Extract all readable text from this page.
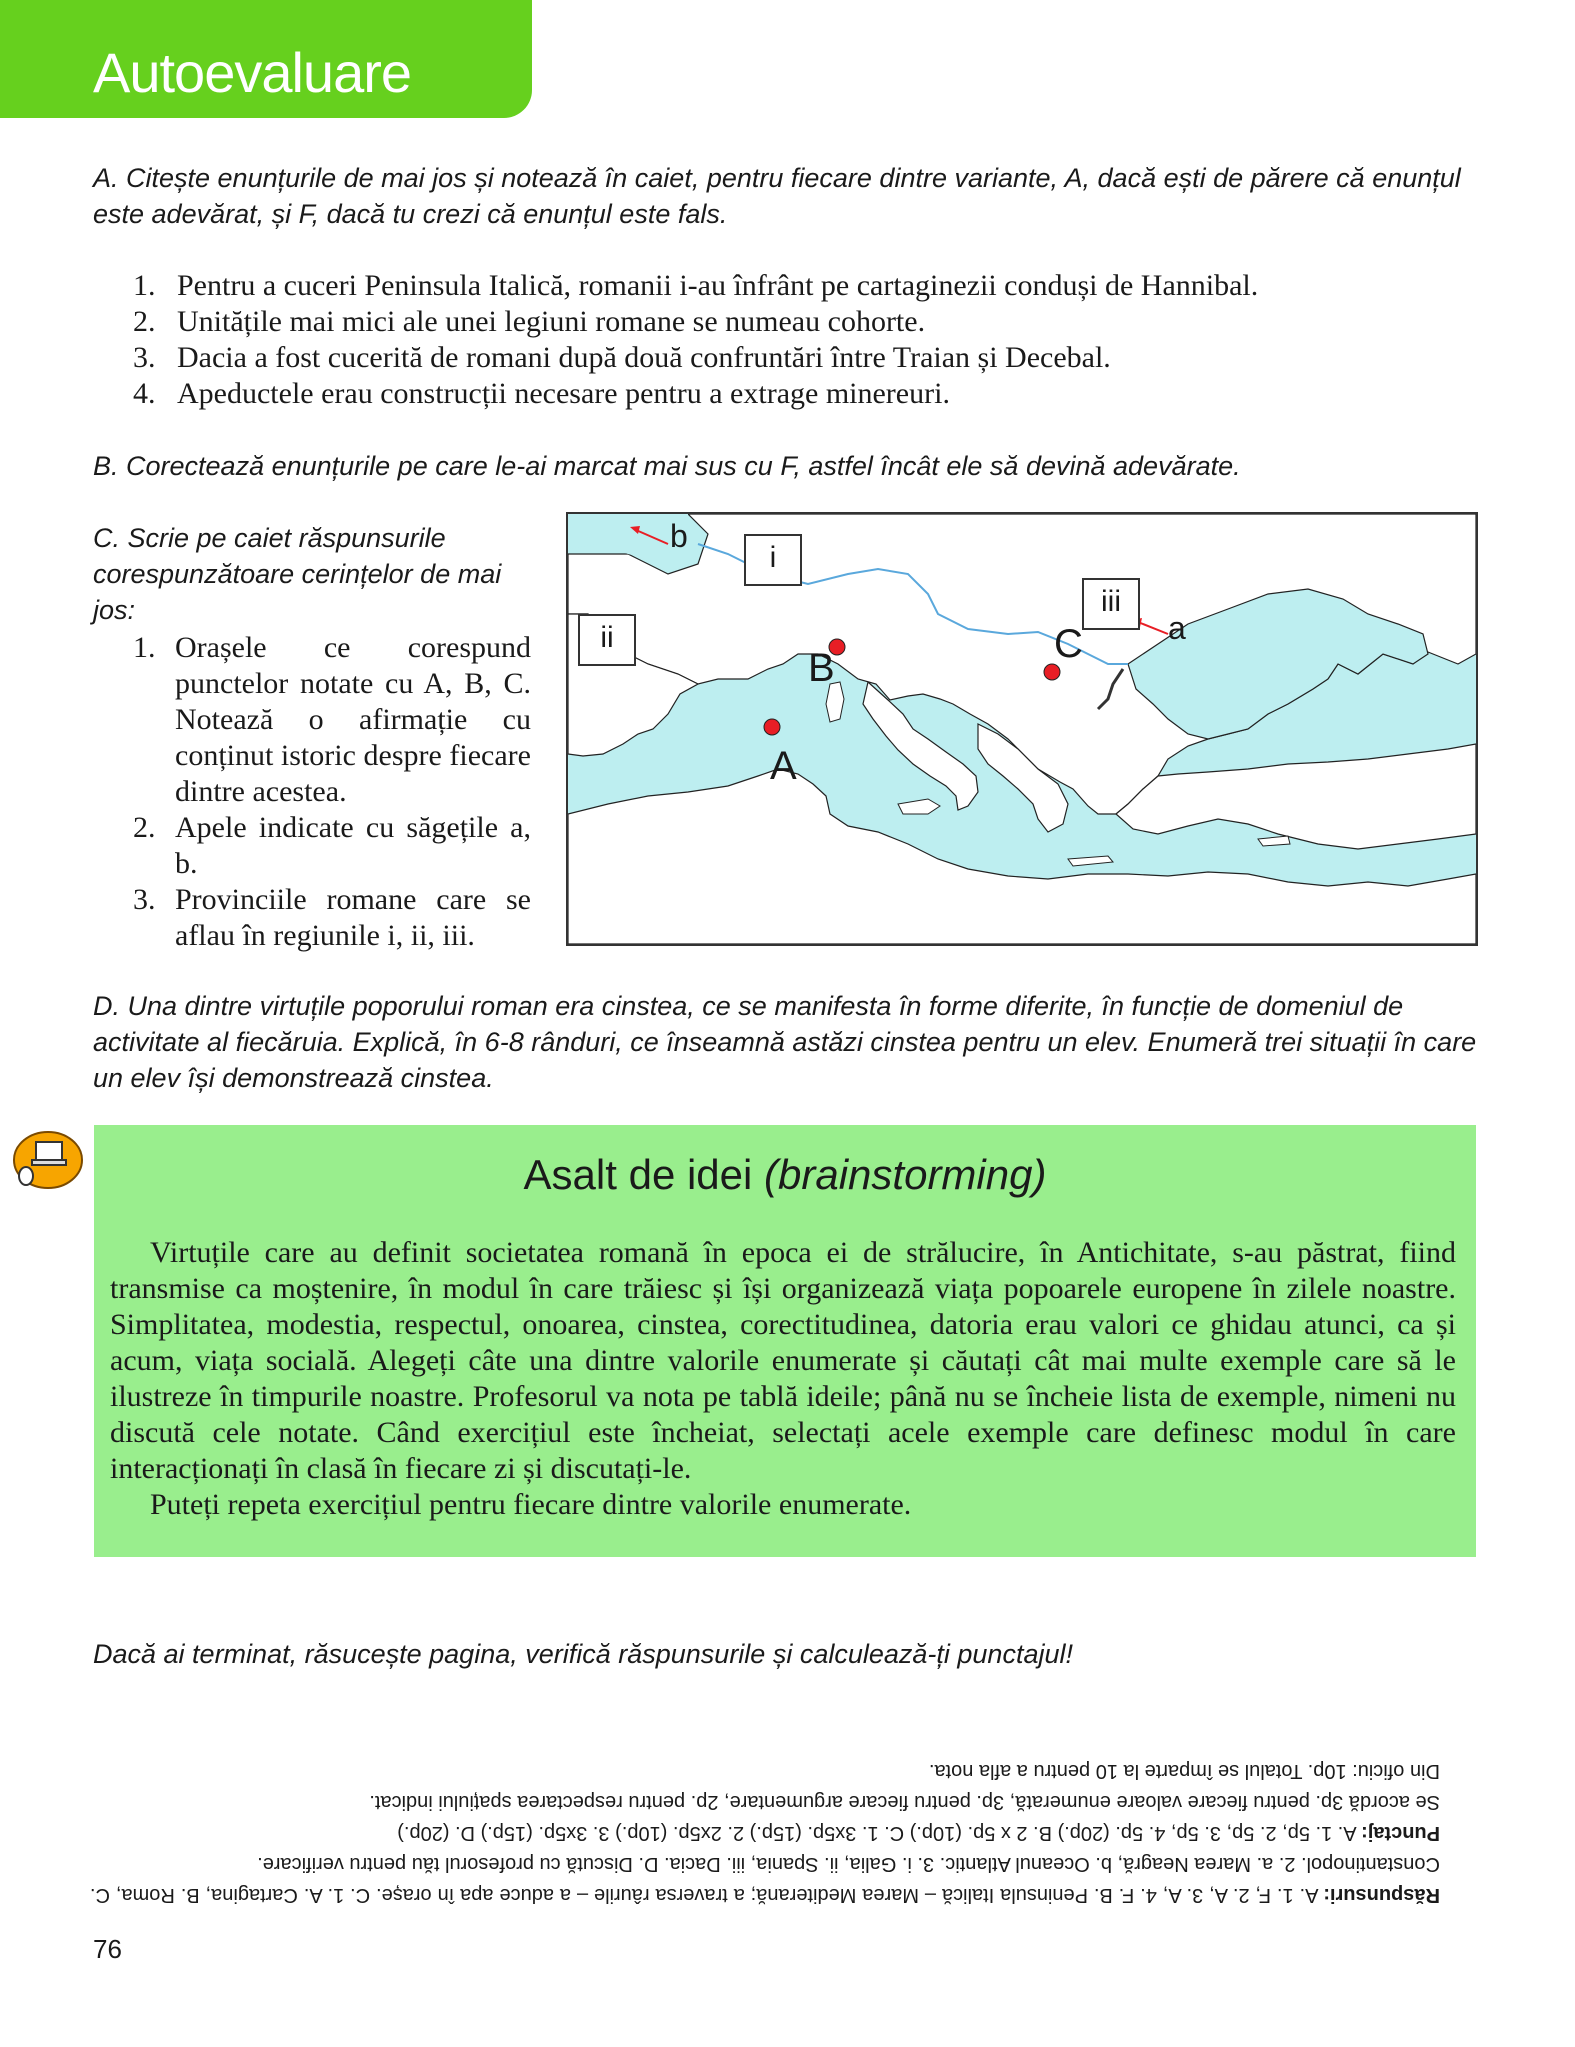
Autoevaluare
A. Citește enunțurile de mai jos și notează în caiet, pentru fiecare dintre variante, A, dacă ești de părere că enunțul este adevărat, și F, dacă tu crezi că enunțul este fals.
1. Pentru a cuceri Peninsula Italică, romanii i-au înfrânt pe cartaginezii conduși de Hannibal.
2. Unitățile mai mici ale unei legiuni romane se numeau cohorte.
3. Dacia a fost cucerită de romani după două confruntări între Traian și Decebal.
4. Apeductele erau construcții necesare pentru a extrage minereuri.
B. Corectează enunțurile pe care le-ai marcat mai sus cu F, astfel încât ele să devină adevărate.
C. Scrie pe caiet răspunsurile corespunzătoare cerințelor de mai jos:
1. Orașele ce corespund punctelor notate cu A, B, C. Notează o afirmație cu conținut istoric despre fiecare dintre acestea.
2. Apele indicate cu săgețile a, b.
3. Provinciile romane care se aflau în regiunile i, ii, iii.
i
ii
iii
A
B
C
b
a
D. Una dintre virtuțile poporului roman era cinstea, ce se manifesta în forme diferite, în funcție de domeniul de activitate al fiecăruia. Explică, în 6-8 rânduri, ce înseamnă astăzi cinstea pentru un elev. Enumeră trei situații în care un elev își demonstrează cinstea.
Asalt de idei (brainstorming)

Virtuțile care au definit societatea romană în epoca ei de strălucire, în Antichitate, s-au păstrat, fiind transmise ca moștenire, în modul în care trăiesc și își organizează viața popoarele europene în zilele noastre. Simplitatea, modestia, respectul, onoarea, cinstea, corectitudinea, datoria erau valori ce ghidau atunci, ca și acum, viața socială. Alegeți câte una dintre valorile enumerate și căutați cât mai multe exemple care să le ilustreze în timpurile noastre. Profesorul va nota pe tablă ideile; până nu se încheie lista de exemple, nimeni nu discută cele notate. Când exercițiul este încheiat, selectați acele exemple care definesc modul în care interacționați în clasă în fiecare zi și discutați-le.

Puteți repeta exercițiul pentru fiecare dintre valorile enumerate.

Dacă ai terminat, răsucește pagina, verifică răspunsurile și calculează-ți punctajul!

Răspunsuri: A. 1. F, 2. A, 3. A, 4. F. B. Peninsula Italică – Marea Mediterană; a traversa râurile – a aduce apa în orașe. C. 1. A. Cartagina, B. Roma, C. Constantinopol. 2. a. Marea Neagră, b. Oceanul Atlantic. 3. i. Galia, ii. Spania, iii. Dacia. D. Discută cu profesorul tău pentru verificare.

Punctaj: A. 1. 5p, 2. 5p, 3. 5p, 4. 5p. (20p.) B. 2 x 5p. (10p.) C. 1. 3x5p. (15p.) 2. 2x5p. (10p.) 3. 3x5p. (15p.) D. (20p.)

Se acordă 3p. pentru fiecare valoare enumerată, 3p. pentru fiecare argumentare, 2p. pentru respectarea spațiului indicat.

Din oficiu: 10p. Totalul se împarte la 10 pentru a afla nota.

76
